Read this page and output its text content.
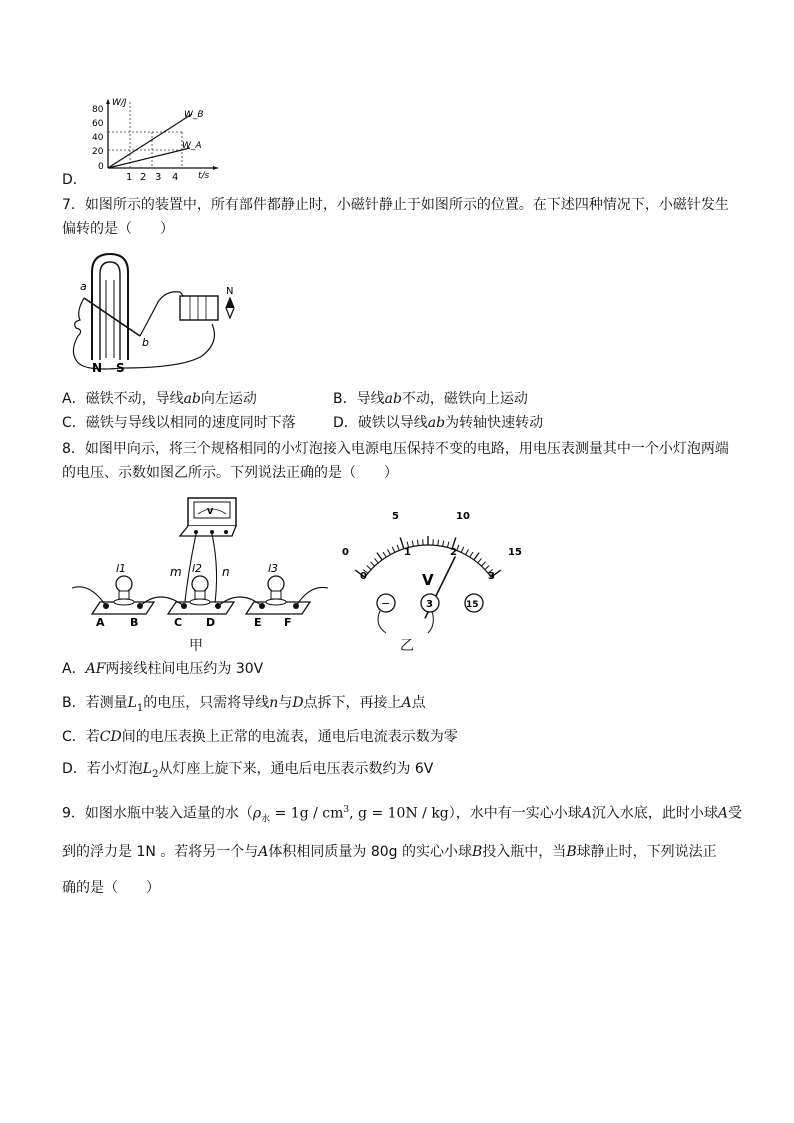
80
60
40
20
0
1 2 3 4
W/J
t/s
W_B
W_A
D．
7．如图所示的装置中，所有部件都静止时，小磁针静止于如图所示的位置。在下述四种情况下，小磁针发生
偏转的是（　　）
N
a
b
N S
A．磁铁不动，导线ab向左运动	B．导线ab不动，磁铁向上运动
C．磁铁与导线以相同的速度同时下落	D．破铁以导线ab为转轴快速转动
8．如图甲向示，将三个规格相同的小灯泡接入电源电压保持不变的电路，用电压表测量其中一个小灯泡两端
的电压、示数如图乙所示。下列说法正确的是（　　）
V
m	n
l1	l2	l3
A B	C D	E F
甲
0
5	10
15
0
1	2
3
V
−	3	15
乙
A．AF两接线柱间电压约为 30V
B．若测量$L_1$的电压，只需将导线n与D点拆下，再接上A点
C．若CD间的电压表换上正常的电流表，通电后电流表示数为零
D．若小灯泡$L_2$从灯座上旋下来，通电后电压表示数约为 6V
9．如图水瓶中装入适量的水（$\rho_水 = 1g / cm^3$, g = 10N / kg），水中有一实心小球A沉入水底，此时小球A受
到的浮力是 1N 。若将另一个与A体积相同质量为 80g 的实心小球B投入瓶中，当B球静止时，下列说法正
确的是（　　）
